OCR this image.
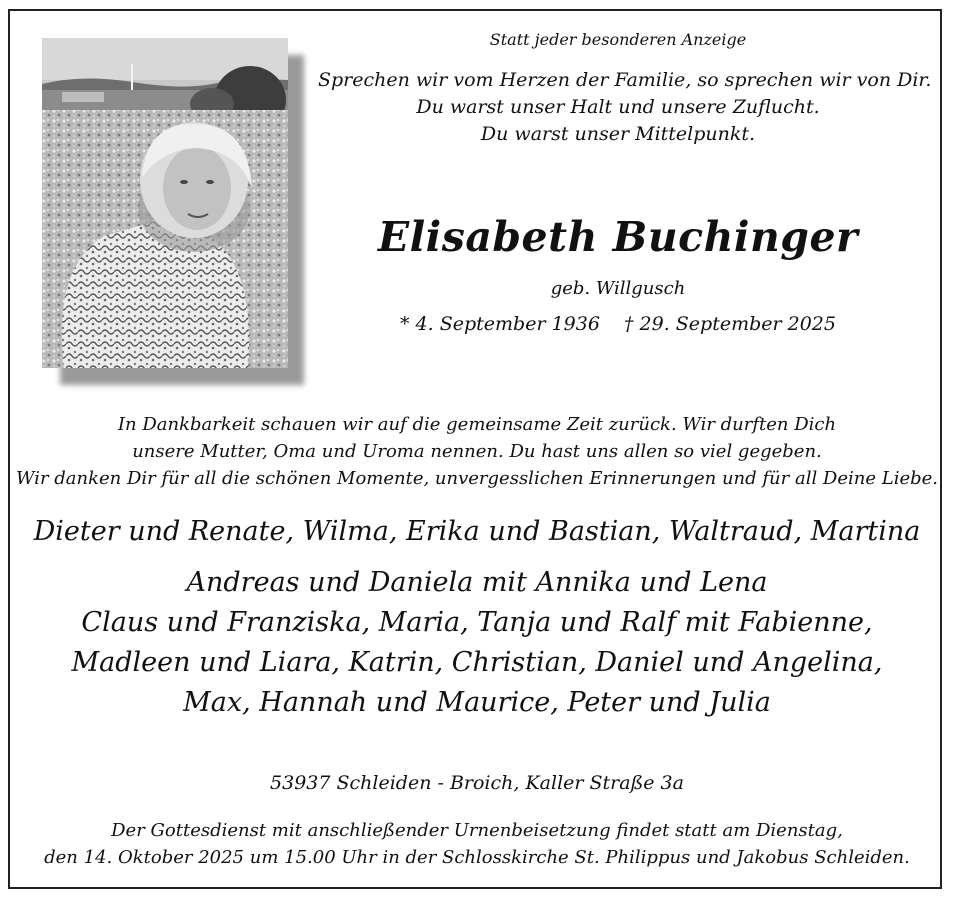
Statt jeder besonderen Anzeige
Sprechen wir vom Herzen der Familie, so sprechen wir von Dir.
Du warst unser Halt und unsere Zuflucht.
Du warst unser Mittelpunkt.
Elisabeth Buchinger
geb. Willgusch
* 4. September 1936 † 29. September 2025
In Dankbarkeit schauen wir auf die gemeinsame Zeit zurück. Wir durften Dich
unsere Mutter, Oma und Uroma nennen. Du hast uns allen so viel gegeben.
Wir danken Dir für all die schönen Momente, unvergesslichen Erinnerungen und für all Deine Liebe.
Dieter und Renate, Wilma, Erika und Bastian, Waltraud, Martina
Andreas und Daniela mit Annika und Lena
Claus und Franziska, Maria, Tanja und Ralf mit Fabienne,
Madleen und Liara, Katrin, Christian, Daniel und Angelina,
Max, Hannah und Maurice, Peter und Julia
53937 Schleiden - Broich, Kaller Straße 3a
Der Gottesdienst mit anschließender Urnenbeisetzung findet statt am Dienstag,
den 14. Oktober 2025 um 15.00 Uhr in der Schlosskirche St. Philippus und Jakobus Schleiden.
